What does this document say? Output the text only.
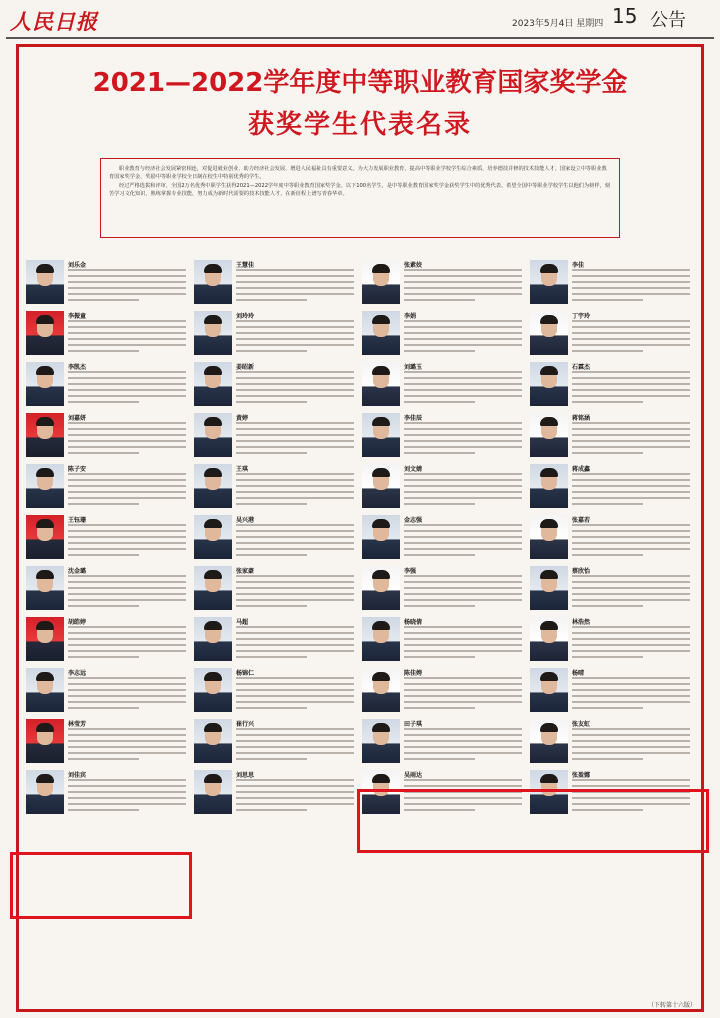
人民日报	2023年5月4日 星期四 15 公告
2021—2022学年度中等职业教育国家奖学金
获奖学生代表名录

职业教育与经济社会发展紧密相连，对促进就业创业、助力经济社会发展、增进人民福祉具有重要意义。为大力发展职业教育，提高中等职业学校学生综合素质，培养德技并修的技术技能人才，国家设立中等职业教育国家奖学金，奖励中等职业学校全日制在校生中特别优秀的学生。

经过严格选拔和评审，全国2万名优秀中职学生获得2021—2022学年度中等职业教育国家奖学金。以下100名学生，是中等职业教育国家奖学金获奖学生中的优秀代表。希望全国中等职业学校学生以他们为榜样，刻苦学习文化知识，熟练掌握专业技能，努力成为新时代需要的技术技能人才，在新征程上谱写青春华章。

刘乐金	王慧佳	张素姣	李佳
李振童	刘玲玲	李娟	丁宇玲
李凯杰	姜昭新	刘璐玉	石霖杰
刘嘉妍	黄婷	李佳辰	蒋铭涵
陈子安	王琪	刘文婧	蒋成鑫
王钰珊	吴兴港	金志强	张嘉若
沈金璐	张家豪	李强	蔡欣怡
胡皓婷	马超	杨晓倩	林浩然
李志远	杨锦仁	陈佳娉	杨晴
林莹芳	崔行兴	田子琪	张友虹
刘佳宾	刘思思	吴雨达	张盈娜
（下转第十六版）
